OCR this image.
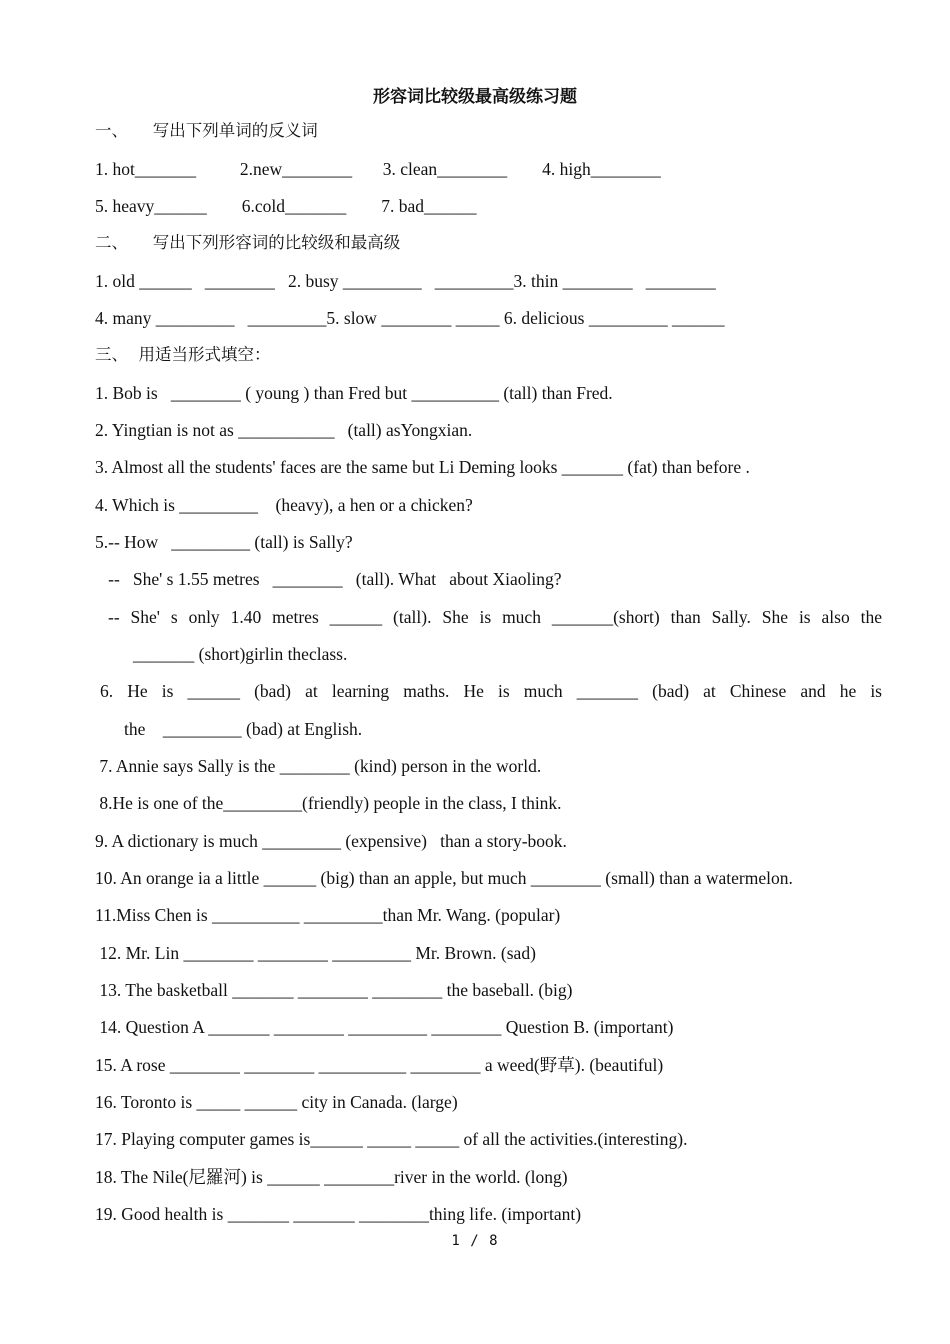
形容词比较级最高级练习题
一、　　写出下列单词的反义词
1. hot_______          2.new________       3. clean________        4. high________
5. heavy______        6.cold_______        7. bad______
二、　　写出下列形容词的比较级和最高级
1. old ______   ________   2. busy _________   _________3. thin ________   ________
4. many _________   _________5. slow ________ _____ 6. delicious _________ ______
三、  用适当形式填空：
1. Bob is   ________ ( young ) than Fred but __________ (tall) than Fred.
2. Yingtian is not as ___________   (tall) asYongxian.
3. Almost all the students' faces are the same but Li Deming looks _______ (fat) than before .
4. Which is _________    (heavy), a hen or a chicken?
5.-- How   _________ (tall) is Sally?
--   She' s 1.55 metres   ________   (tall). What   about Xiaoling?
-- She' s only 1.40 metres ______ (tall). She is much _______(short) than Sally. She is also the
_______ (short)girlin theclass.
6. He is ______ (bad) at learning maths. He is much _______ (bad) at Chinese and he is
the    _________ (bad) at English.
7. Annie says Sally is the ________ (kind) person in the world.
8.He is one of the_________(friendly) people in the class, I think.
9. A dictionary is much _________ (expensive)   than a story-book.
10. An orange ia a little ______ (big) than an apple, but much ________ (small) than a watermelon.
11.Miss Chen is __________ _________than Mr. Wang. (popular)
12. Mr. Lin ________ ________ _________ Mr. Brown. (sad)
13. The basketball _______ ________ ________ the baseball. (big)
14. Question A _______ ________ _________ ________ Question B. (important)
15. A rose ________ ________ __________ ________ a weed(野草). (beautiful)
16. Toronto is _____ ______ city in Canada. (large)
17. Playing computer games is______ _____ _____ of all the activities.(interesting).
18. The Nile(尼羅河) is ______ ________river in the world. (long)
19. Good health is _______ _______ ________thing life. (important)
1 / 8
